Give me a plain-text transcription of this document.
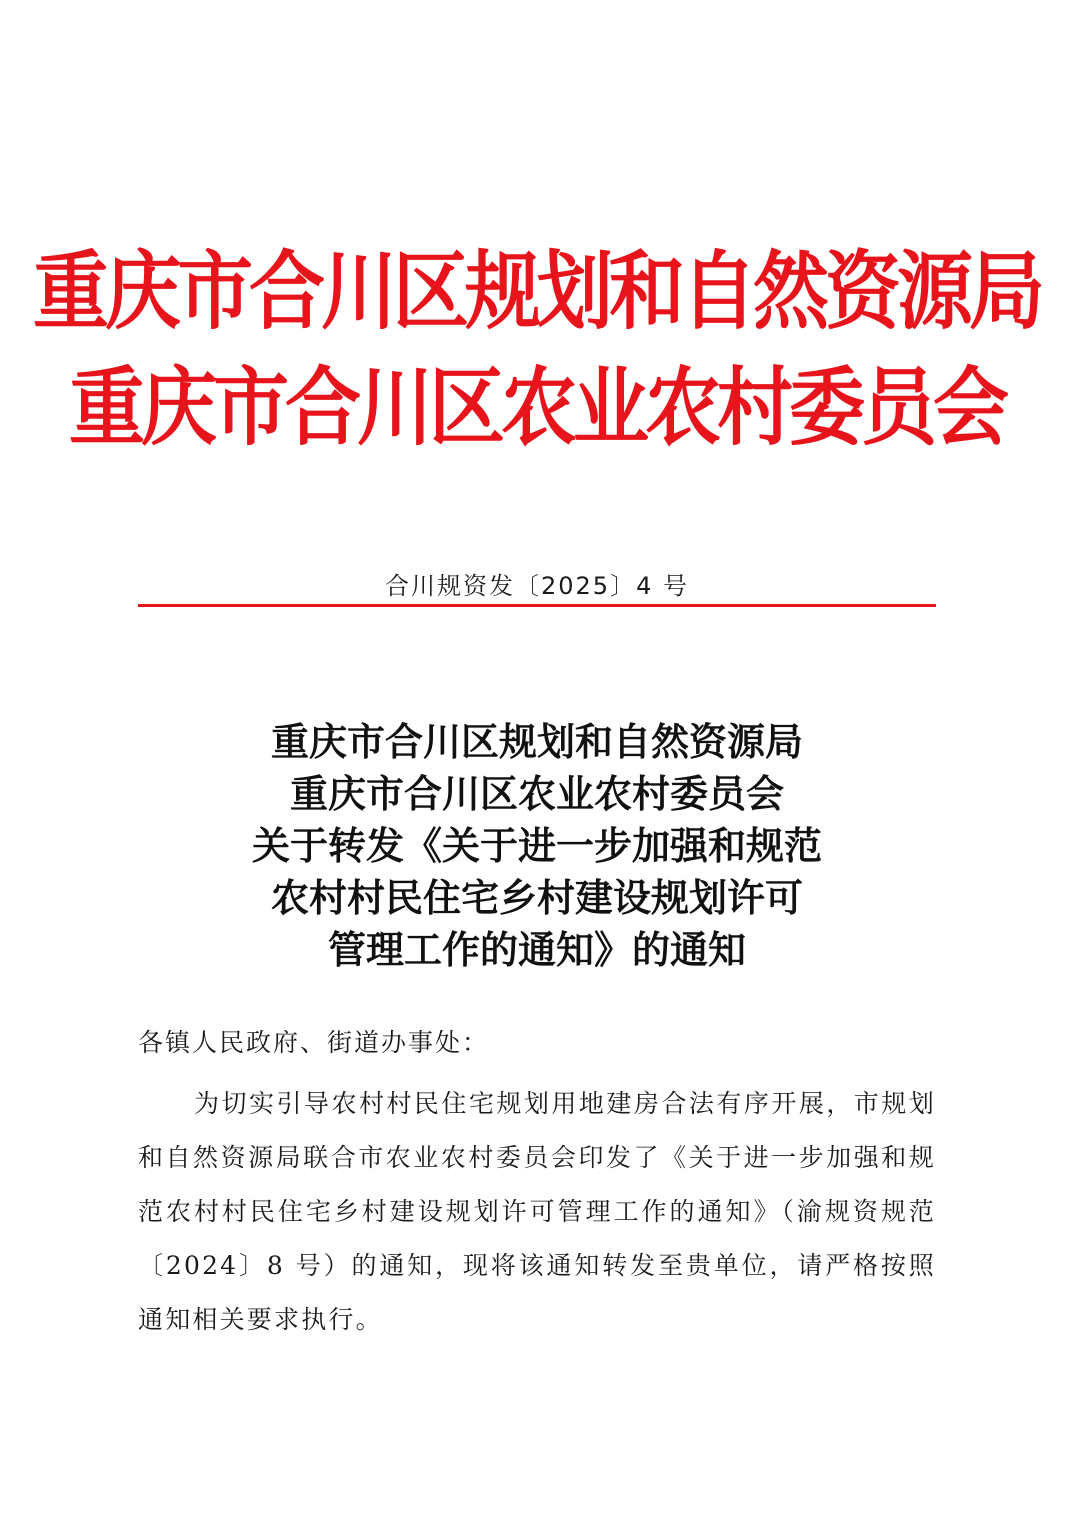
重庆市合川区规划和自然资源局
重庆市合川区农业农村委员会
合川规资发〔2025〕4 号
重庆市合川区规划和自然资源局
重庆市合川区农业农村委员会
关于转发《关于进一步加强和规范
农村村民住宅乡村建设规划许可
管理工作的通知》的通知
各镇人民政府、街道办事处：
为切实引导农村村民住宅规划用地建房合法有序开展，市规划和自然资源局联合市农业农村委员会印发了《关于进一步加强和规范农村村民住宅乡村建设规划许可管理工作的通知》（渝规资规范〔2024〕8 号）的通知，现将该通知转发至贵单位，请严格按照通知相关要求执行。
